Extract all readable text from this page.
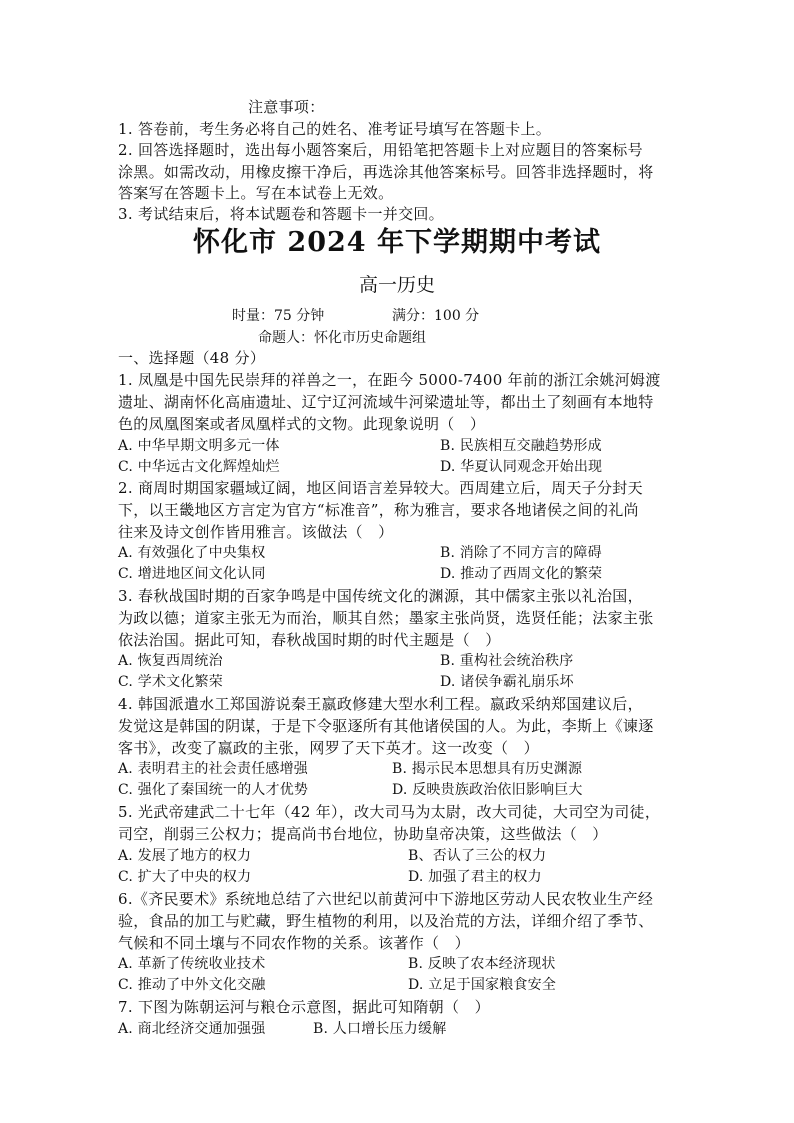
注意事项：
1. 答卷前，考生务必将自己的姓名、准考证号填写在答题卡上。
2. 回答选择题时，选出每小题答案后，用铅笔把答题卡上对应题目的答案标号
涂黑。如需改动，用橡皮擦干净后，再选涂其他答案标号。回答非选择题时，将
答案写在答题卡上。写在本试卷上无效。
3. 考试结束后，将本试题卷和答题卡一并交回。
怀化市 2024 年下学期期中考试
高一历史
时量：75 分钟	满分：100 分
命题人：怀化市历史命题组
一、选择题（48 分）
1. 凤凰是中国先民崇拜的祥兽之一，在距今 5000-7400 年前的浙江余姚河姆渡
遗址、湖南怀化高庙遗址、辽宁辽河流域牛河梁遗址等，都出土了刻画有本地特
色的凤凰图案或者凤凰样式的文物。此现象说明（　）
A. 中华早期文明多元一体	B. 民族相互交融趋势形成
C. 中华远古文化辉煌灿烂	D. 华夏认同观念开始出现
2. 商周时期国家疆域辽阔，地区间语言差异较大。西周建立后，周天子分封天
下，以王畿地区方言定为官方“标准音”，称为雅言，要求各地诸侯之间的礼尚
往来及诗文创作皆用雅言。该做法（　）
A. 有效强化了中央集权	B. 消除了不同方言的障碍
C. 增进地区间文化认同	D. 推动了西周文化的繁荣
3. 春秋战国时期的百家争鸣是中国传统文化的渊源，其中儒家主张以礼治国，
为政以德；道家主张无为而治，顺其自然；墨家主张尚贤，选贤任能；法家主张
依法治国。据此可知，春秋战国时期的时代主题是（　）
A. 恢复西周统治	B. 重构社会统治秩序
C. 学术文化繁荣	D. 诸侯争霸礼崩乐坏
4. 韩国派遣水工郑国游说秦王嬴政修建大型水利工程。嬴政采纳郑国建议后，
发觉这是韩国的阴谋，于是下令驱逐所有其他诸侯国的人。为此，李斯上《谏逐
客书》，改变了嬴政的主张，网罗了天下英才。这一改变（　）
A. 表明君主的社会责任感增强	B. 揭示民本思想具有历史渊源
C. 强化了秦国统一的人才优势	D. 反映贵族政治依旧影响巨大
5. 光武帝建武二十七年（42 年），改大司马为太尉，改大司徒，大司空为司徒，
司空，削弱三公权力；提高尚书台地位，协助皇帝决策，这些做法（　）
A. 发展了地方的权力	B、否认了三公的权力
C. 扩大了中央的权力	D. 加强了君主的权力
6.《齐民要术》系统地总结了六世纪以前黄河中下游地区劳动人民农牧业生产经
验，食品的加工与贮藏，野生植物的利用，以及治荒的方法，详细介绍了季节、
气候和不同土壤与不同农作物的关系。该著作（　）
A. 革新了传统收业技术	B. 反映了农本经济现状
C. 推动了中外文化交融	D. 立足于国家粮食安全
7. 下图为陈朝运河与粮仓示意图，据此可知隋朝（　）
A. 商北经济交通加强强	B. 人口增长压力缓解
